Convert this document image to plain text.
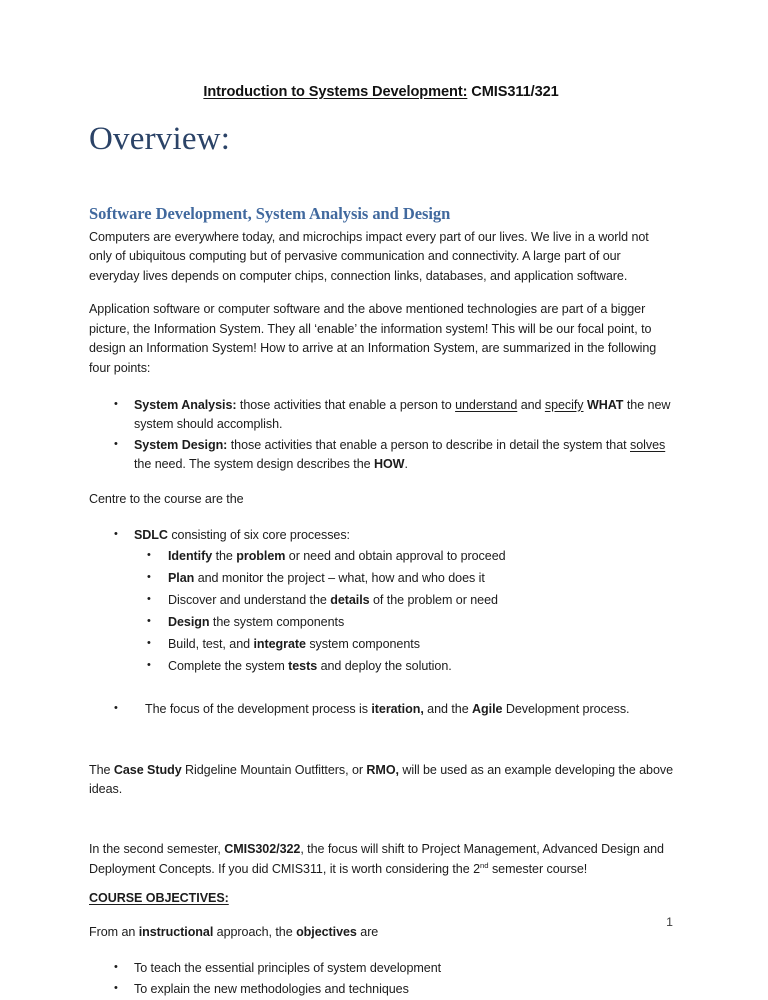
Introduction to Systems Development: CMIS311/321
Overview:
Software Development, System Analysis and Design

Computers are everywhere today, and microchips impact every part of our lives. We live in a world not only of ubiquitous computing but of pervasive communication and connectivity. A large part of our everyday lives depends on computer chips, connection links, databases, and application software.

Application software or computer software and the above mentioned technologies are part of a bigger picture, the Information System. They all ‘enable’ the information system! This will be our focal point, to design an Information System! How to arrive at an Information System, are summarized in the following four points:

• System Analysis: those activities that enable a person to understand and specify WHAT the new system should accomplish.
• System Design: those activities that enable a person to describe in detail the system that solves the need. The system design describes the HOW.

Centre to the course are the

• SDLC consisting of six core processes:
• Identify the problem or need and obtain approval to proceed
• Plan and monitor the project – what, how and who does it
• Discover and understand the details of the problem or need
• Design the system components
• Build, test, and integrate system components
• Complete the system tests and deploy the solution.
• The focus of the development process is iteration, and the Agile Development process.

The Case Study Ridgeline Mountain Outfitters, or RMO, will be used as an example developing the above ideas.

In the second semester, CMIS302/322, the focus will shift to Project Management, Advanced Design and Deployment Concepts. If you did CMIS311, it is worth considering the 2nd semester course!

COURSE OBJECTIVES:

From an instructional approach, the objectives are

• To teach the essential principles of system development
• To explain the new methodologies and techniques
1
